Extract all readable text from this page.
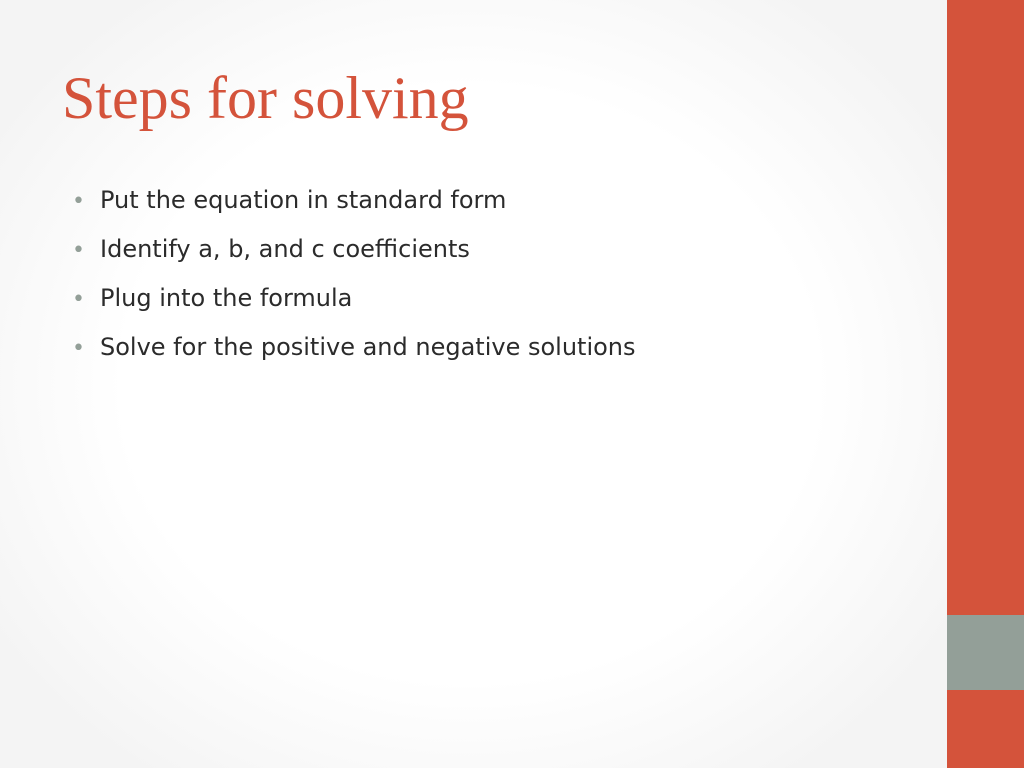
Steps for solving
• Put the equation in standard form
• Identify a, b, and c coefficients
• Plug into the formula
• Solve for the positive and negative solutions
